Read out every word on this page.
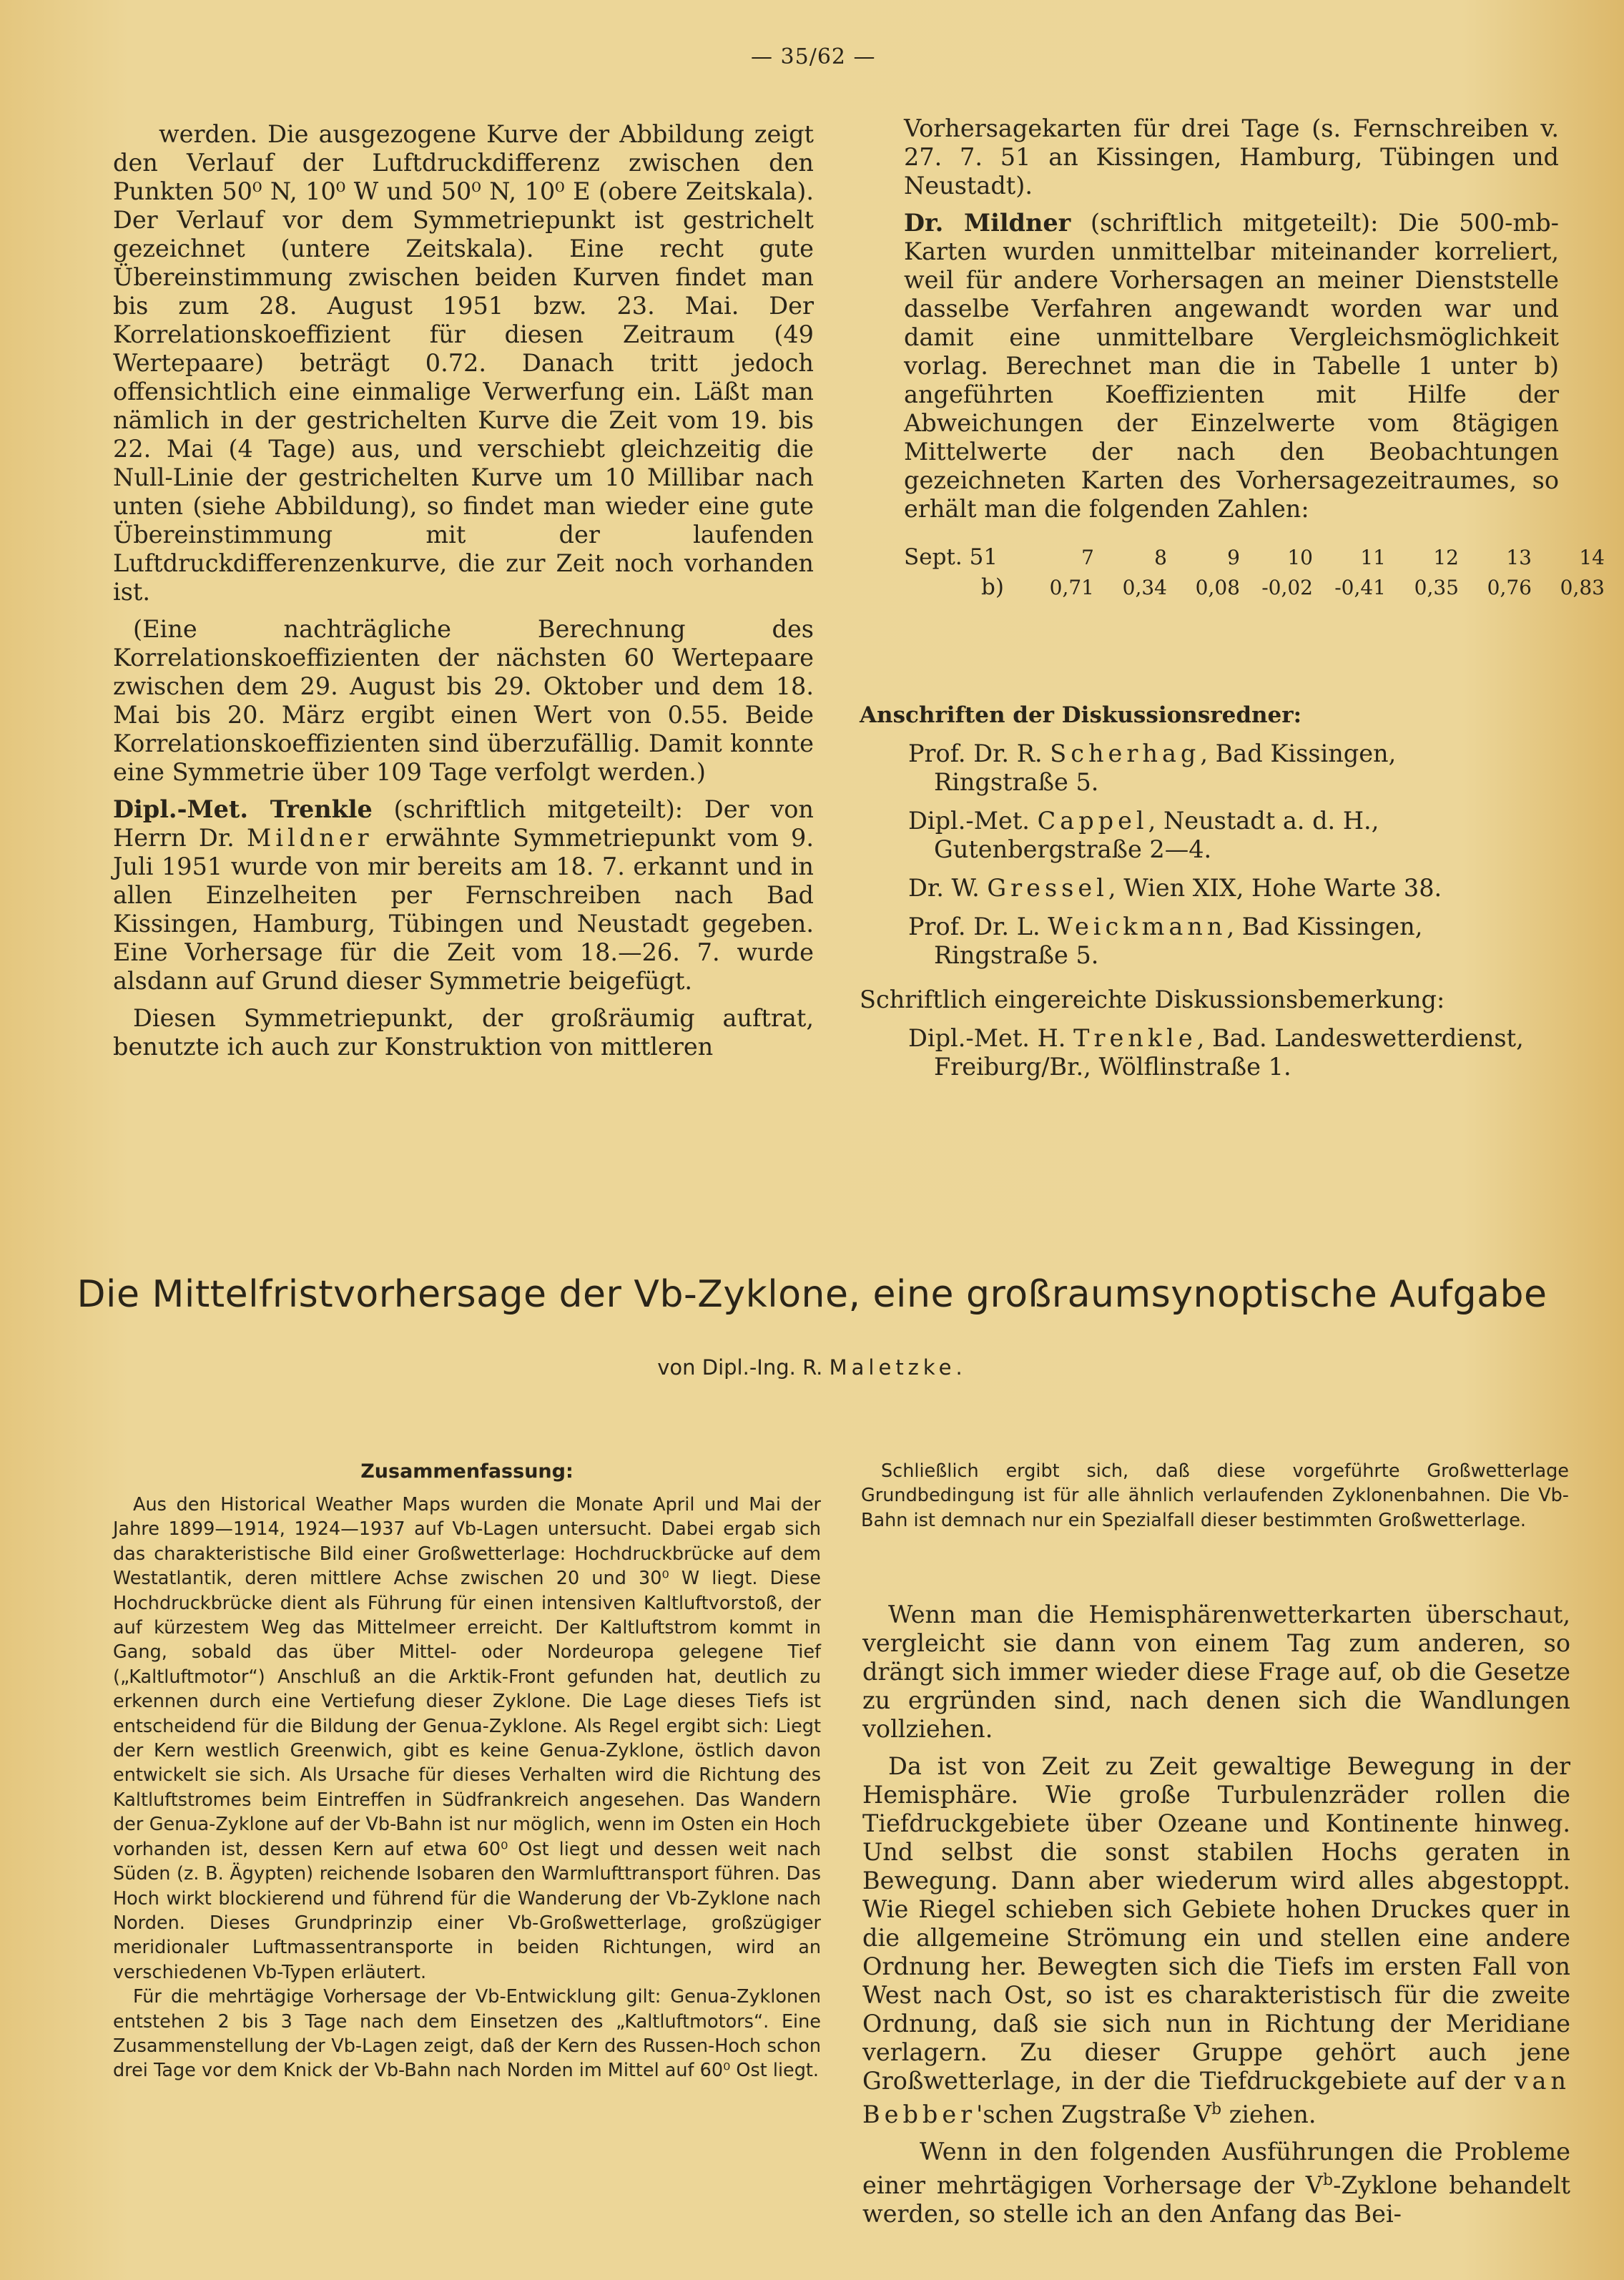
— 35/62 —

werden. Die ausgezogene Kurve der Abbildung zeigt den Verlauf der Luftdruckdifferenz zwischen den Punkten 50⁰ N, 10⁰ W und 50⁰ N, 10⁰ E (obere Zeitskala). Der Verlauf vor dem Symmetriepunkt ist gestrichelt gezeichnet (untere Zeitskala). Eine recht gute Übereinstimmung zwischen beiden Kurven findet man bis zum 28. August 1951 bzw. 23. Mai. Der Korrelationskoeffizient für diesen Zeitraum (49 Wertepaare) beträgt 0.72. Danach tritt jedoch offensichtlich eine einmalige Verwerfung ein. Läßt man nämlich in der gestrichelten Kurve die Zeit vom 19. bis 22. Mai (4 Tage) aus, und verschiebt gleichzeitig die Null-Linie der gestrichelten Kurve um 10 Millibar nach unten (siehe Abbildung), so findet man wieder eine gute Übereinstimmung mit der laufenden Luftdruckdifferenzenkurve, die zur Zeit noch vorhanden ist.

(Eine nachträgliche Berechnung des Korrelationskoeffizienten der nächsten 60 Wertepaare zwischen dem 29. August bis 29. Oktober und dem 18. Mai bis 20. März ergibt einen Wert von 0.55. Beide Korrelationskoeffizienten sind überzufällig. Damit konnte eine Symmetrie über 109 Tage verfolgt werden.)

Dipl.-Met. Trenkle (schriftlich mitgeteilt): Der von Herrn Dr. Mildner erwähnte Symmetriepunkt vom 9. Juli 1951 wurde von mir bereits am 18. 7. erkannt und in allen Einzelheiten per Fernschreiben nach Bad Kissingen, Hamburg, Tübingen und Neustadt gegeben. Eine Vorhersage für die Zeit vom 18.—26. 7. wurde alsdann auf Grund dieser Symmetrie beigefügt.

Diesen Symmetriepunkt, der großräumig auftrat, benutzte ich auch zur Konstruktion von mittleren

Vorhersagekarten für drei Tage (s. Fernschreiben v. 27. 7. 51 an Kissingen, Hamburg, Tübingen und Neustadt).

Dr. Mildner (schriftlich mitgeteilt): Die 500-mb-Karten wurden unmittelbar miteinander korreliert, weil für andere Vorhersagen an meiner Dienststelle dasselbe Verfahren angewandt worden war und damit eine unmittelbare Vergleichsmöglichkeit vorlag. Berechnet man die in Tabelle 1 unter b) angeführten Koeffizienten mit Hilfe der Abweichungen der Einzelwerte vom 8tägigen Mittelwerte der nach den Beobachtungen gezeichneten Karten des Vorhersagezeitraumes, so erhält man die folgenden Zahlen:

Sept. 51	7	8	9	10	11	12	13	14
b)	0,71	0,34	0,08	-0,02	-0,41	0,35	0,76	0,83

Anschriften der Diskussionsredner:

Prof. Dr. R. Scherhag, Bad Kissingen,

Ringstraße 5.

Dipl.-Met. Cappel, Neustadt a. d. H.,

Gutenbergstraße 2—4.

Dr. W. Gressel, Wien XIX, Hohe Warte 38.

Prof. Dr. L. Weickmann, Bad Kissingen,

Ringstraße 5.

Schriftlich eingereichte Diskussionsbemerkung:

Dipl.-Met. H. Trenkle, Bad. Landeswetterdienst,

Freiburg/Br., Wölflinstraße 1.

Die Mittelfristvorhersage der Vb-Zyklone, eine großraumsynoptische Aufgabe
von Dipl.-Ing. R. Maletzke.
Zusammenfassung:

Aus den Historical Weather Maps wurden die Monate April und Mai der Jahre 1899—1914, 1924—1937 auf Vb-Lagen untersucht. Dabei ergab sich das charakteristische Bild einer Großwetterlage: Hochdruckbrücke auf dem Westatlantik, deren mittlere Achse zwischen 20 und 30⁰ W liegt. Diese Hochdruckbrücke dient als Führung für einen intensiven Kaltluftvorstoß, der auf kürzestem Weg das Mittelmeer erreicht. Der Kaltluftstrom kommt in Gang, sobald das über Mittel- oder Nordeuropa gelegene Tief („Kaltluftmotor“) Anschluß an die Arktik-Front gefunden hat, deutlich zu erkennen durch eine Vertiefung dieser Zyklone. Die Lage dieses Tiefs ist entscheidend für die Bildung der Genua-Zyklone. Als Regel ergibt sich: Liegt der Kern westlich Greenwich, gibt es keine Genua-Zyklone, östlich davon entwickelt sie sich. Als Ursache für dieses Verhalten wird die Richtung des Kaltluftstromes beim Eintreffen in Südfrankreich angesehen. Das Wandern der Genua-Zyklone auf der Vb-Bahn ist nur möglich, wenn im Osten ein Hoch vorhanden ist, dessen Kern auf etwa 60⁰ Ost liegt und dessen weit nach Süden (z. B. Ägypten) reichende Isobaren den Warmlufttransport führen. Das Hoch wirkt blockierend und führend für die Wanderung der Vb-Zyklone nach Norden. Dieses Grundprinzip einer Vb-Großwetterlage, großzügiger meridionaler Luftmassentransporte in beiden Richtungen, wird an verschiedenen Vb-Typen erläutert.

Für die mehrtägige Vorhersage der Vb-Entwicklung gilt: Genua-Zyklonen entstehen 2 bis 3 Tage nach dem Einsetzen des „Kaltluftmotors“. Eine Zusammenstellung der Vb-Lagen zeigt, daß der Kern des Russen-Hoch schon drei Tage vor dem Knick der Vb-Bahn nach Norden im Mittel auf 60⁰ Ost liegt.

Schließlich ergibt sich, daß diese vorgeführte Großwetterlage Grundbedingung ist für alle ähnlich verlaufenden Zyklonenbahnen. Die Vb-Bahn ist demnach nur ein Spezialfall dieser bestimmten Großwetterlage.

Wenn man die Hemisphärenwetterkarten überschaut, vergleicht sie dann von einem Tag zum anderen, so drängt sich immer wieder diese Frage auf, ob die Gesetze zu ergründen sind, nach denen sich die Wandlungen vollziehen.

Da ist von Zeit zu Zeit gewaltige Bewegung in der Hemisphäre. Wie große Turbulenzräder rollen die Tiefdruckgebiete über Ozeane und Kontinente hinweg. Und selbst die sonst stabilen Hochs geraten in Bewegung. Dann aber wiederum wird alles abgestoppt. Wie Riegel schieben sich Gebiete hohen Druckes quer in die allgemeine Strömung ein und stellen eine andere Ordnung her. Bewegten sich die Tiefs im ersten Fall von West nach Ost, so ist es charakteristisch für die zweite Ordnung, daß sie sich nun in Richtung der Meridiane verlagern. Zu dieser Gruppe gehört auch jene Großwetterlage, in der die Tiefdruckgebiete auf der van Bebber'schen Zugstraße $V^b$ ziehen.

Wenn in den folgenden Ausführungen die Probleme einer mehrtägigen Vorhersage der $V^b$-Zyklone behandelt werden, so stelle ich an den Anfang das Bei-
